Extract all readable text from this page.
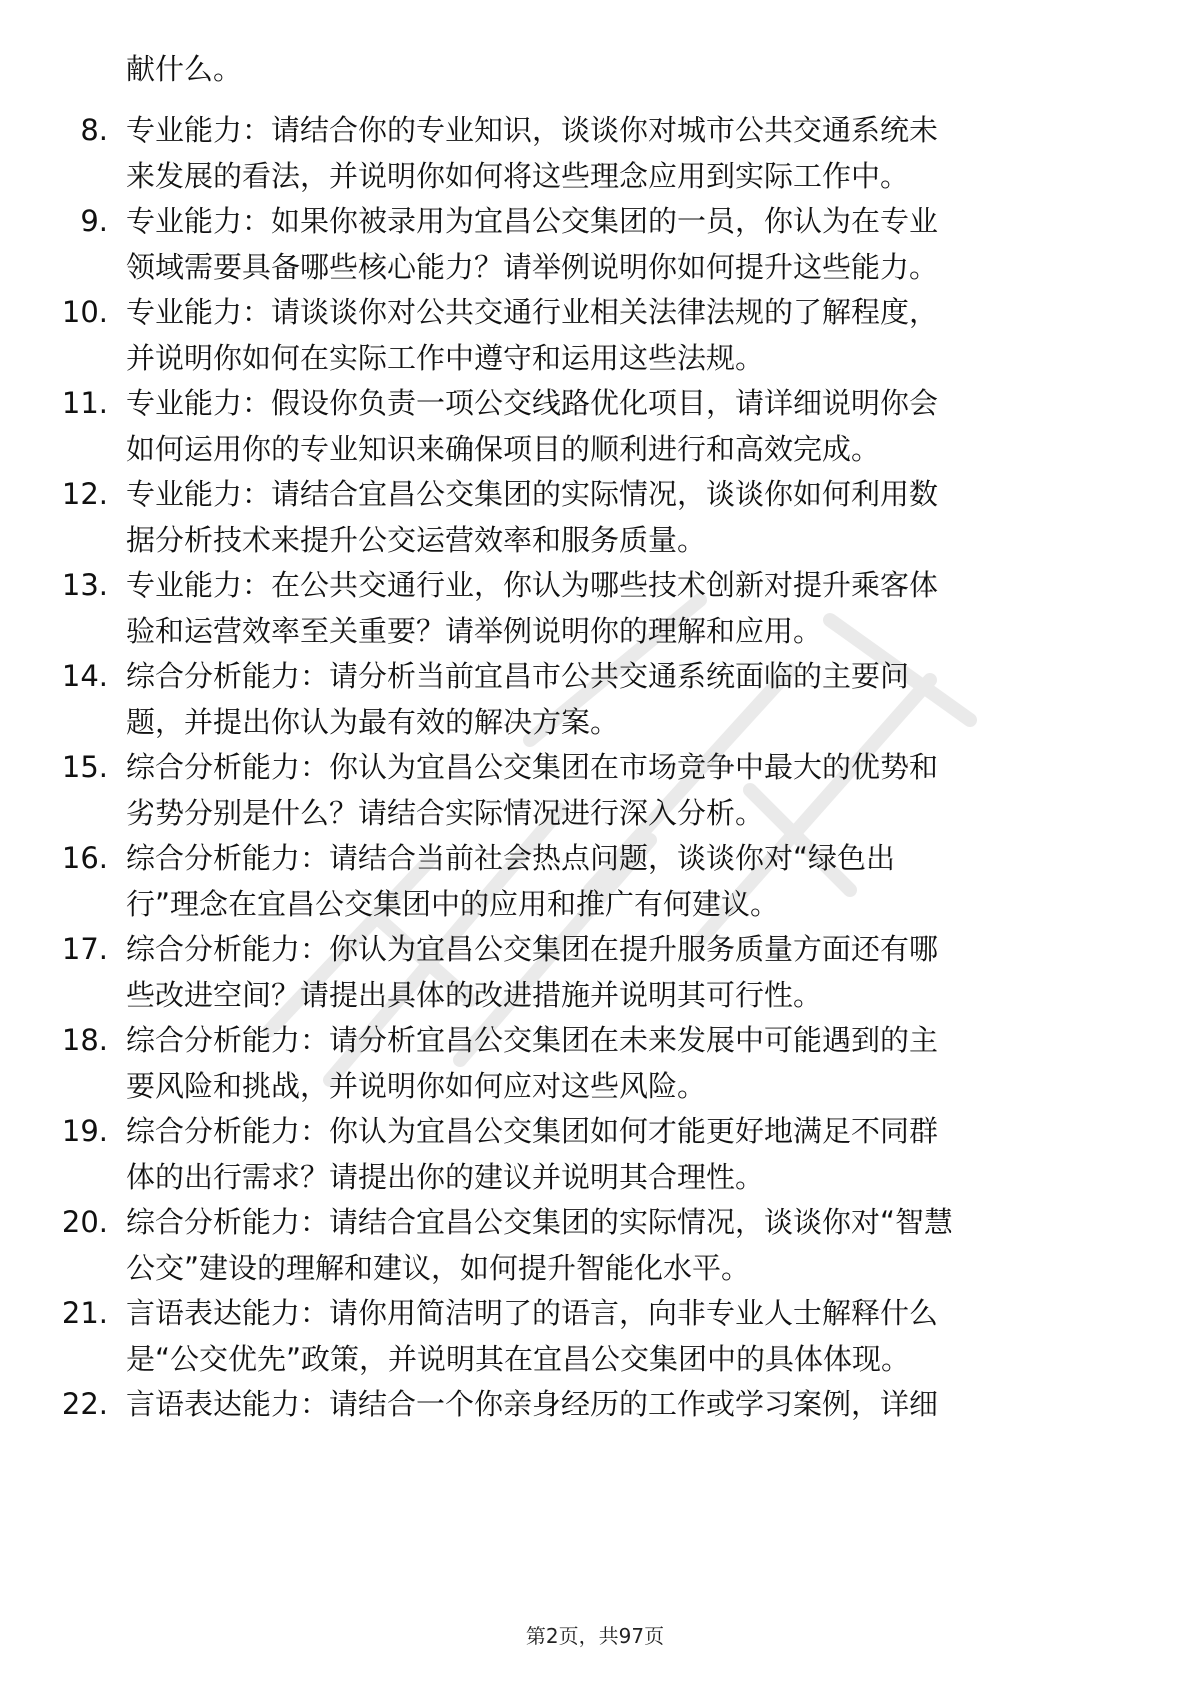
献什么。
8. 专业能力：请结合你的专业知识，谈谈你对城市公共交通系统未
来发展的看法，并说明你如何将这些理念应用到实际工作中。
9. 专业能力：如果你被录用为宜昌公交集团的一员，你认为在专业
领域需要具备哪些核心能力？请举例说明你如何提升这些能力。
10. 专业能力：请谈谈你对公共交通行业相关法律法规的了解程度，
并说明你如何在实际工作中遵守和运用这些法规。
11. 专业能力：假设你负责一项公交线路优化项目，请详细说明你会
如何运用你的专业知识来确保项目的顺利进行和高效完成。
12. 专业能力：请结合宜昌公交集团的实际情况，谈谈你如何利用数
据分析技术来提升公交运营效率和服务质量。
13. 专业能力：在公共交通行业，你认为哪些技术创新对提升乘客体
验和运营效率至关重要？请举例说明你的理解和应用。
14. 综合分析能力：请分析当前宜昌市公共交通系统面临的主要问
题，并提出你认为最有效的解决方案。
15. 综合分析能力：你认为宜昌公交集团在市场竞争中最大的优势和
劣势分别是什么？请结合实际情况进行深入分析。
16. 综合分析能力：请结合当前社会热点问题，谈谈你对“绿色出
行”理念在宜昌公交集团中的应用和推广有何建议。
17. 综合分析能力：你认为宜昌公交集团在提升服务质量方面还有哪
些改进空间？请提出具体的改进措施并说明其可行性。
18. 综合分析能力：请分析宜昌公交集团在未来发展中可能遇到的主
要风险和挑战，并说明你如何应对这些风险。
19. 综合分析能力：你认为宜昌公交集团如何才能更好地满足不同群
体的出行需求？请提出你的建议并说明其合理性。
20. 综合分析能力：请结合宜昌公交集团的实际情况，谈谈你对“智慧
公交”建设的理解和建议，如何提升智能化水平。
21. 言语表达能力：请你用简洁明了的语言，向非专业人士解释什么
是“公交优先”政策，并说明其在宜昌公交集团中的具体体现。
22. 言语表达能力：请结合一个你亲身经历的工作或学习案例，详细
第2页，共97页
